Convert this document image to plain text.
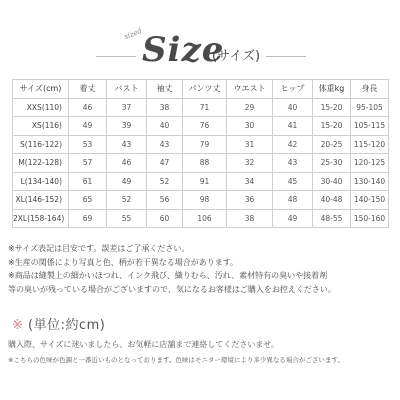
sized Size
(サイズ)
サイズ(cm)	着丈	バスト	袖丈	パンツ丈	ウエスト	ヒップ	体重kg	身長
XXS(110)	46	37	38	71	29	40	15-20	95-105
XS(116)	49	39	40	76	30	41	15-20	105-115
S(116-122)	53	43	43	79	31	42	20-25	115-120
M(122-128)	57	46	47	88	32	43	25-30	120-125
L(134-140)	61	49	52	91	34	45	30-40	130-140
XL(146-152)	65	52	56	98	36	48	40-48	140-150
2XL(158-164)	69	55	60	106	38	49	48-55	150-160

※サイズ表記は目安です。誤差はご了承ください。

※生産の関係により写真と色、柄が若干異なる場合があります。

※商品は縫製上の細かいほつれ、インク飛び、織りむら、汚れ、素材特有の臭いや接着剤

等の臭いが残っている場合がございますので、気になるお客様はご購入をお控えください。

※ (単位:約cm)

購入際、サイズに迷いましたら、お気軽に店舗まで連絡してくださいませ。

※こちらの色味が色調と一番近いものとなっております。色味はモニター環境により多少異なる場合がございます。
